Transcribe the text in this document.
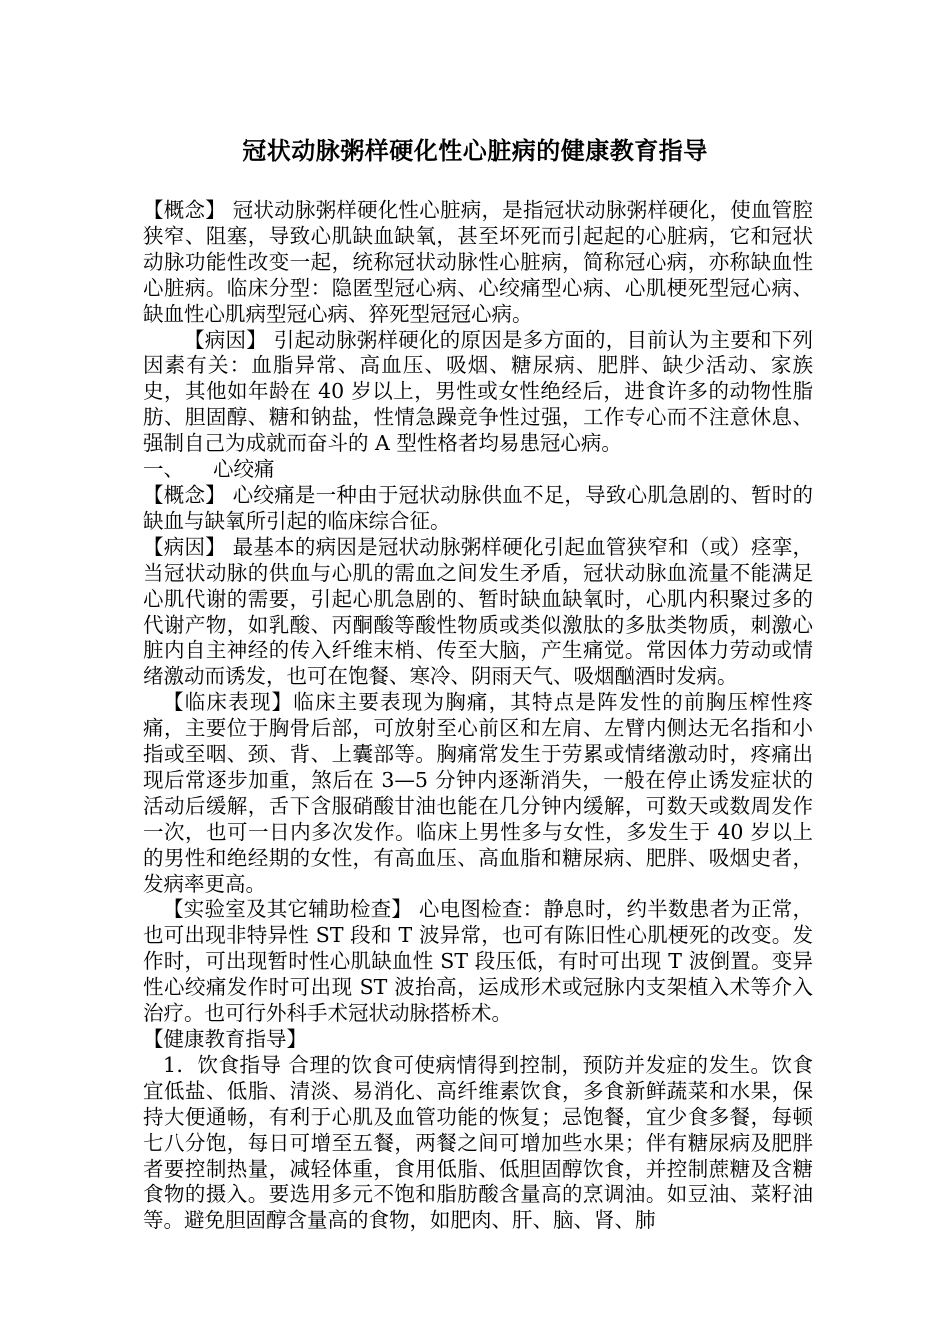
冠状动脉粥样硬化性心脏病的健康教育指导

【概念】 冠状动脉粥样硬化性心脏病，是指冠状动脉粥样硬化，使血管腔狭窄、阻塞，导致心肌缺血缺氧，甚至坏死而引起起的心脏病，它和冠状动脉功能性改变一起，统称冠状动脉性心脏病，简称冠心病，亦称缺血性心脏病。临床分型：隐匿型冠心病、心绞痛型心病、心肌梗死型冠心病、缺血性心肌病型冠心病、猝死型冠冠心病。

【病因】 引起动脉粥样硬化的原因是多方面的，目前认为主要和下列因素有关：血脂异常、高血压、吸烟、糖尿病、肥胖、缺少活动、家族史，其他如年龄在 40 岁以上，男性或女性绝经后，进食许多的动物性脂肪、胆固醇、糖和钠盐，性情急躁竞争性过强，工作专心而不注意休息、强制自己为成就而奋斗的 A 型性格者均易患冠心病。

一、	心绞痛

【概念】 心绞痛是一种由于冠状动脉供血不足，导致心肌急剧的、暂时的缺血与缺氧所引起的临床综合征。

【病因】 最基本的病因是冠状动脉粥样硬化引起血管狭窄和（或）痉挛，当冠状动脉的供血与心肌的需血之间发生矛盾，冠状动脉血流量不能满足心肌代谢的需要，引起心肌急剧的、暂时缺血缺氧时，心肌内积聚过多的代谢产物，如乳酸、丙酮酸等酸性物质或类似激肽的多肽类物质，刺激心脏内自主神经的传入纤维末梢、传至大脑，产生痛觉。常因体力劳动或情绪激动而诱发，也可在饱餐、寒冷、阴雨天气、吸烟酗酒时发病。

【临床表现】临床主要表现为胸痛，其特点是阵发性的前胸压榨性疼痛，主要位于胸骨后部，可放射至心前区和左肩、左臂内侧达无名指和小指或至咽、颈、背、上囊部等。胸痛常发生于劳累或情绪激动时，疼痛出现后常逐步加重，煞后在 3—5 分钟内逐渐消失，一般在停止诱发症状的活动后缓解，舌下含服硝酸甘油也能在几分钟内缓解，可数天或数周发作一次，也可一日内多次发作。临床上男性多与女性，多发生于 40 岁以上的男性和绝经期的女性，有高血压、高血脂和糖尿病、肥胖、吸烟史者，发病率更高。

【实验室及其它辅助检查】 心电图检查：静息时，约半数患者为正常，也可出现非特异性 ST 段和 T 波异常，也可有陈旧性心肌梗死的改变。发作时，可出现暂时性心肌缺血性 ST 段压低，有时可出现 T 波倒置。变异性心绞痛发作时可出现 ST 波抬高，运成形术或冠脉内支架植入术等介入治疗。也可行外科手术冠状动脉搭桥术。

【健康教育指导】

1．饮食指导 合理的饮食可使病情得到控制，预防并发症的发生。饮食宜低盐、低脂、清淡、易消化、高纤维素饮食，多食新鲜蔬菜和水果，保持大便通畅，有利于心肌及血管功能的恢复；忌饱餐，宜少食多餐，每顿七八分饱，每日可增至五餐，两餐之间可增加些水果；伴有糖尿病及肥胖者要控制热量，减轻体重，食用低脂、低胆固醇饮食，并控制蔗糖及含糖食物的摄入。要选用多元不饱和脂肪酸含量高的烹调油。如豆油、菜籽油等。避免胆固醇含量高的食物，如肥肉、肝、脑、肾、肺
